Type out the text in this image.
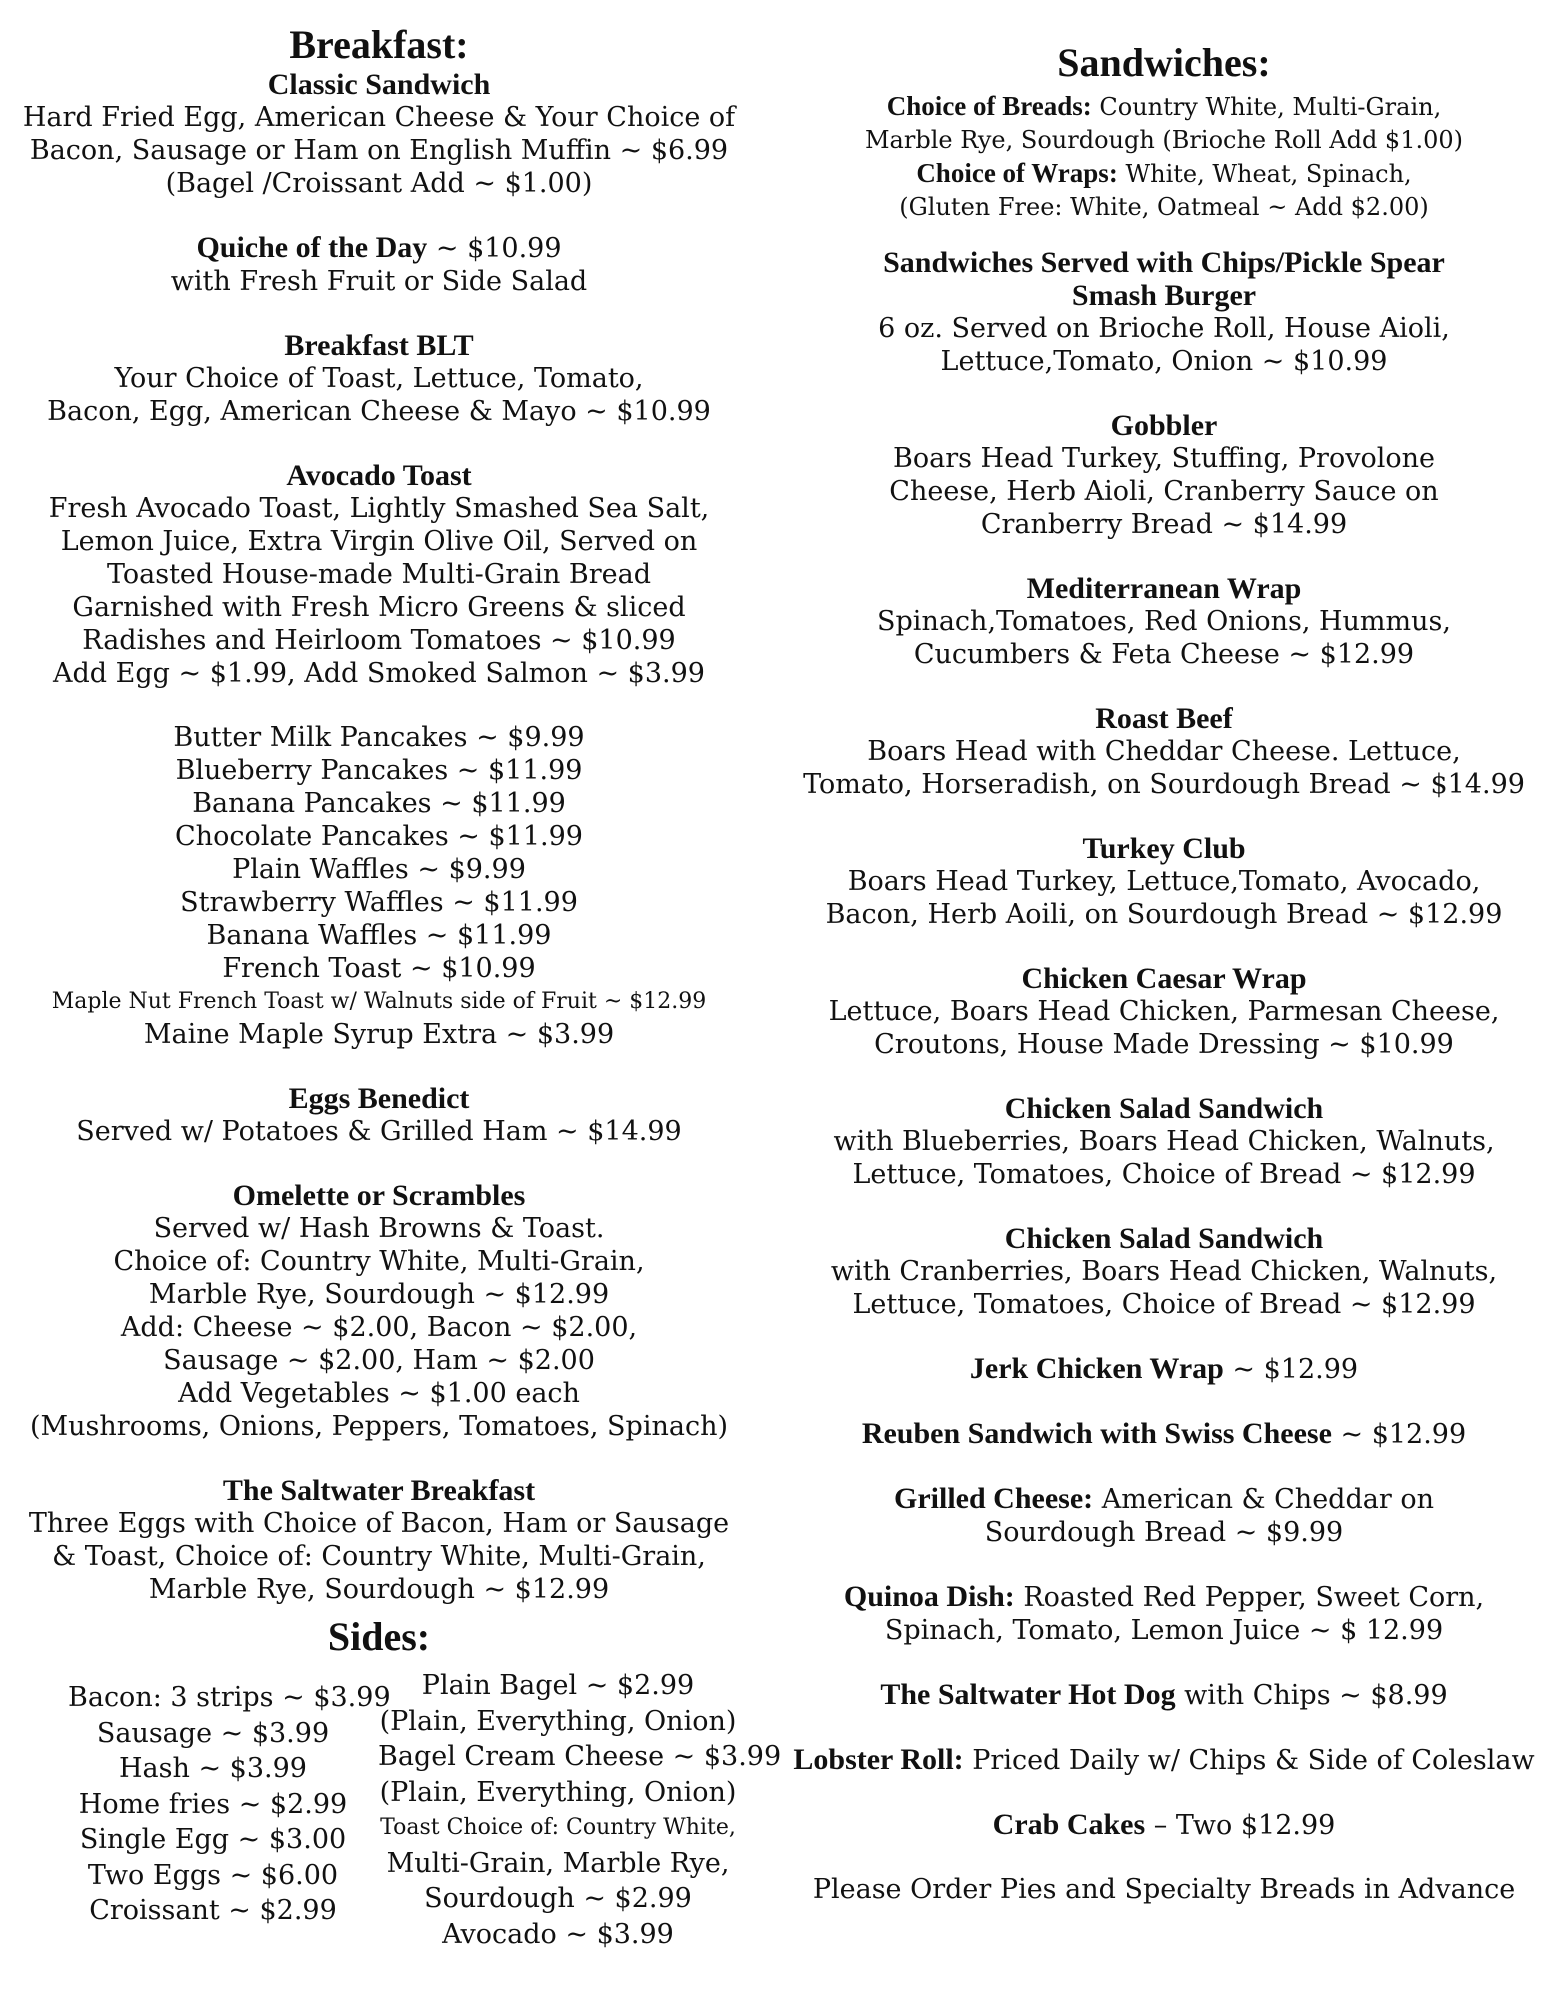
Breakfast:

Classic Sandwich

Hard Fried Egg, American Cheese & Your Choice of

Bacon, Sausage or Ham on English Muffin ~ $6.99

(Bagel /Croissant Add ~ $1.00)

Quiche of the Day ~ $10.99

with Fresh Fruit or Side Salad

Breakfast BLT

Your Choice of Toast, Lettuce, Tomato,

Bacon, Egg, American Cheese & Mayo ~ $10.99

Avocado Toast

Fresh Avocado Toast, Lightly Smashed Sea Salt,

Lemon Juice, Extra Virgin Olive Oil, Served on

Toasted House-made Multi-Grain Bread

Garnished with Fresh Micro Greens & sliced

Radishes and Heirloom Tomatoes ~ $10.99

Add Egg ~ $1.99, Add Smoked Salmon ~ $3.99

Butter Milk Pancakes ~ $9.99

Blueberry Pancakes ~ $11.99

Banana Pancakes ~ $11.99

Chocolate Pancakes ~ $11.99

Plain Waffles ~ $9.99

Strawberry Waffles ~ $11.99

Banana Waffles ~ $11.99

French Toast ~ $10.99

Maple Nut French Toast w/ Walnuts side of Fruit ~ $12.99

Maine Maple Syrup Extra ~ $3.99

Eggs Benedict

Served w/ Potatoes & Grilled Ham ~ $14.99

Omelette or Scrambles

Served w/ Hash Browns & Toast.

Choice of: Country White, Multi-Grain,

Marble Rye, Sourdough ~ $12.99

Add: Cheese ~ $2.00, Bacon ~ $2.00,

Sausage ~ $2.00, Ham ~ $2.00

Add Vegetables ~ $1.00 each

(Mushrooms, Onions, Peppers, Tomatoes, Spinach)

The Saltwater Breakfast

Three Eggs with Choice of Bacon, Ham or Sausage

& Toast, Choice of: Country White, Multi-Grain,

Marble Rye, Sourdough ~ $12.99

Sides:

Bacon: 3 strips ~ $3.99

Sausage ~ $3.99

Hash ~ $3.99

Home fries ~ $2.99

Single Egg ~ $3.00

Two Eggs ~ $6.00

Croissant ~ $2.99

Plain Bagel ~ $2.99

(Plain, Everything, Onion)

Bagel Cream Cheese ~ $3.99

(Plain, Everything, Onion)

Toast Choice of: Country White,

Multi-Grain, Marble Rye,

Sourdough ~ $2.99

Avocado ~ $3.99

Sandwiches:

Choice of Breads: Country White, Multi-Grain,

Marble Rye, Sourdough (Brioche Roll Add $1.00)

Choice of Wraps: White, Wheat, Spinach,

(Gluten Free: White, Oatmeal ~ Add $2.00)

Sandwiches Served with Chips/Pickle Spear

Smash Burger

6 oz. Served on Brioche Roll, House Aioli,

Lettuce,Tomato, Onion ~ $10.99

Gobbler

Boars Head Turkey, Stuffing, Provolone

Cheese, Herb Aioli, Cranberry Sauce on

Cranberry Bread ~ $14.99

Mediterranean Wrap

Spinach,Tomatoes, Red Onions, Hummus,

Cucumbers & Feta Cheese ~ $12.99

Roast Beef

Boars Head with Cheddar Cheese. Lettuce,

Tomato, Horseradish, on Sourdough Bread ~ $14.99

Turkey Club

Boars Head Turkey, Lettuce,Tomato, Avocado,

Bacon, Herb Aoili, on Sourdough Bread ~ $12.99

Chicken Caesar Wrap

Lettuce, Boars Head Chicken, Parmesan Cheese,

Croutons, House Made Dressing ~ $10.99

Chicken Salad Sandwich

with Blueberries, Boars Head Chicken, Walnuts,

Lettuce, Tomatoes, Choice of Bread ~ $12.99

Chicken Salad Sandwich

with Cranberries, Boars Head Chicken, Walnuts,

Lettuce, Tomatoes, Choice of Bread ~ $12.99

Jerk Chicken Wrap ~ $12.99

Reuben Sandwich with Swiss Cheese ~ $12.99

Grilled Cheese: American & Cheddar on

Sourdough Bread ~ $9.99

Quinoa Dish: Roasted Red Pepper, Sweet Corn,

Spinach, Tomato, Lemon Juice ~ $ 12.99

The Saltwater Hot Dog with Chips ~ $8.99

Lobster Roll: Priced Daily w/ Chips & Side of Coleslaw

Crab Cakes – Two $12.99

Please Order Pies and Specialty Breads in Advance
